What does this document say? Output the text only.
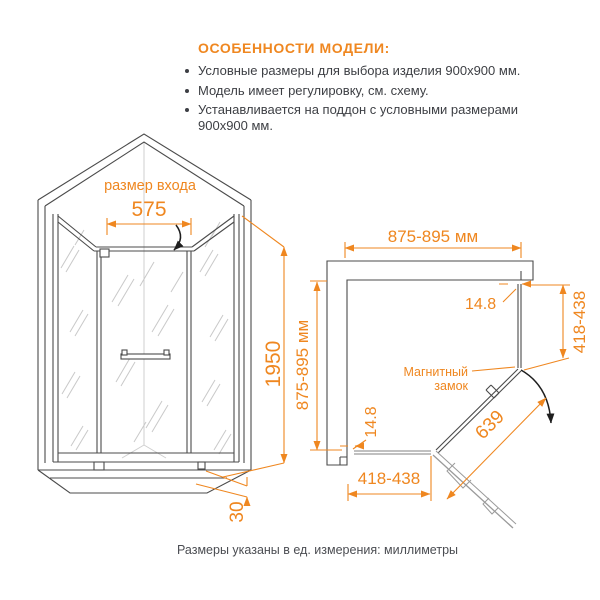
ОСОБЕННОСТИ МОДЕЛИ:
Условные размеры для выбора изделия 900x900 мм.
Модель имеет регулировку, см. схему.
Устанавливается на поддон с условными размерами 900x900 мм.
размер входа
575
1950
30
875-895 мм
875-895 мм
14.8	418-438
Магнитный
замок
639
14.8
418-438
Размеры указаны в ед. измерения: миллиметры
